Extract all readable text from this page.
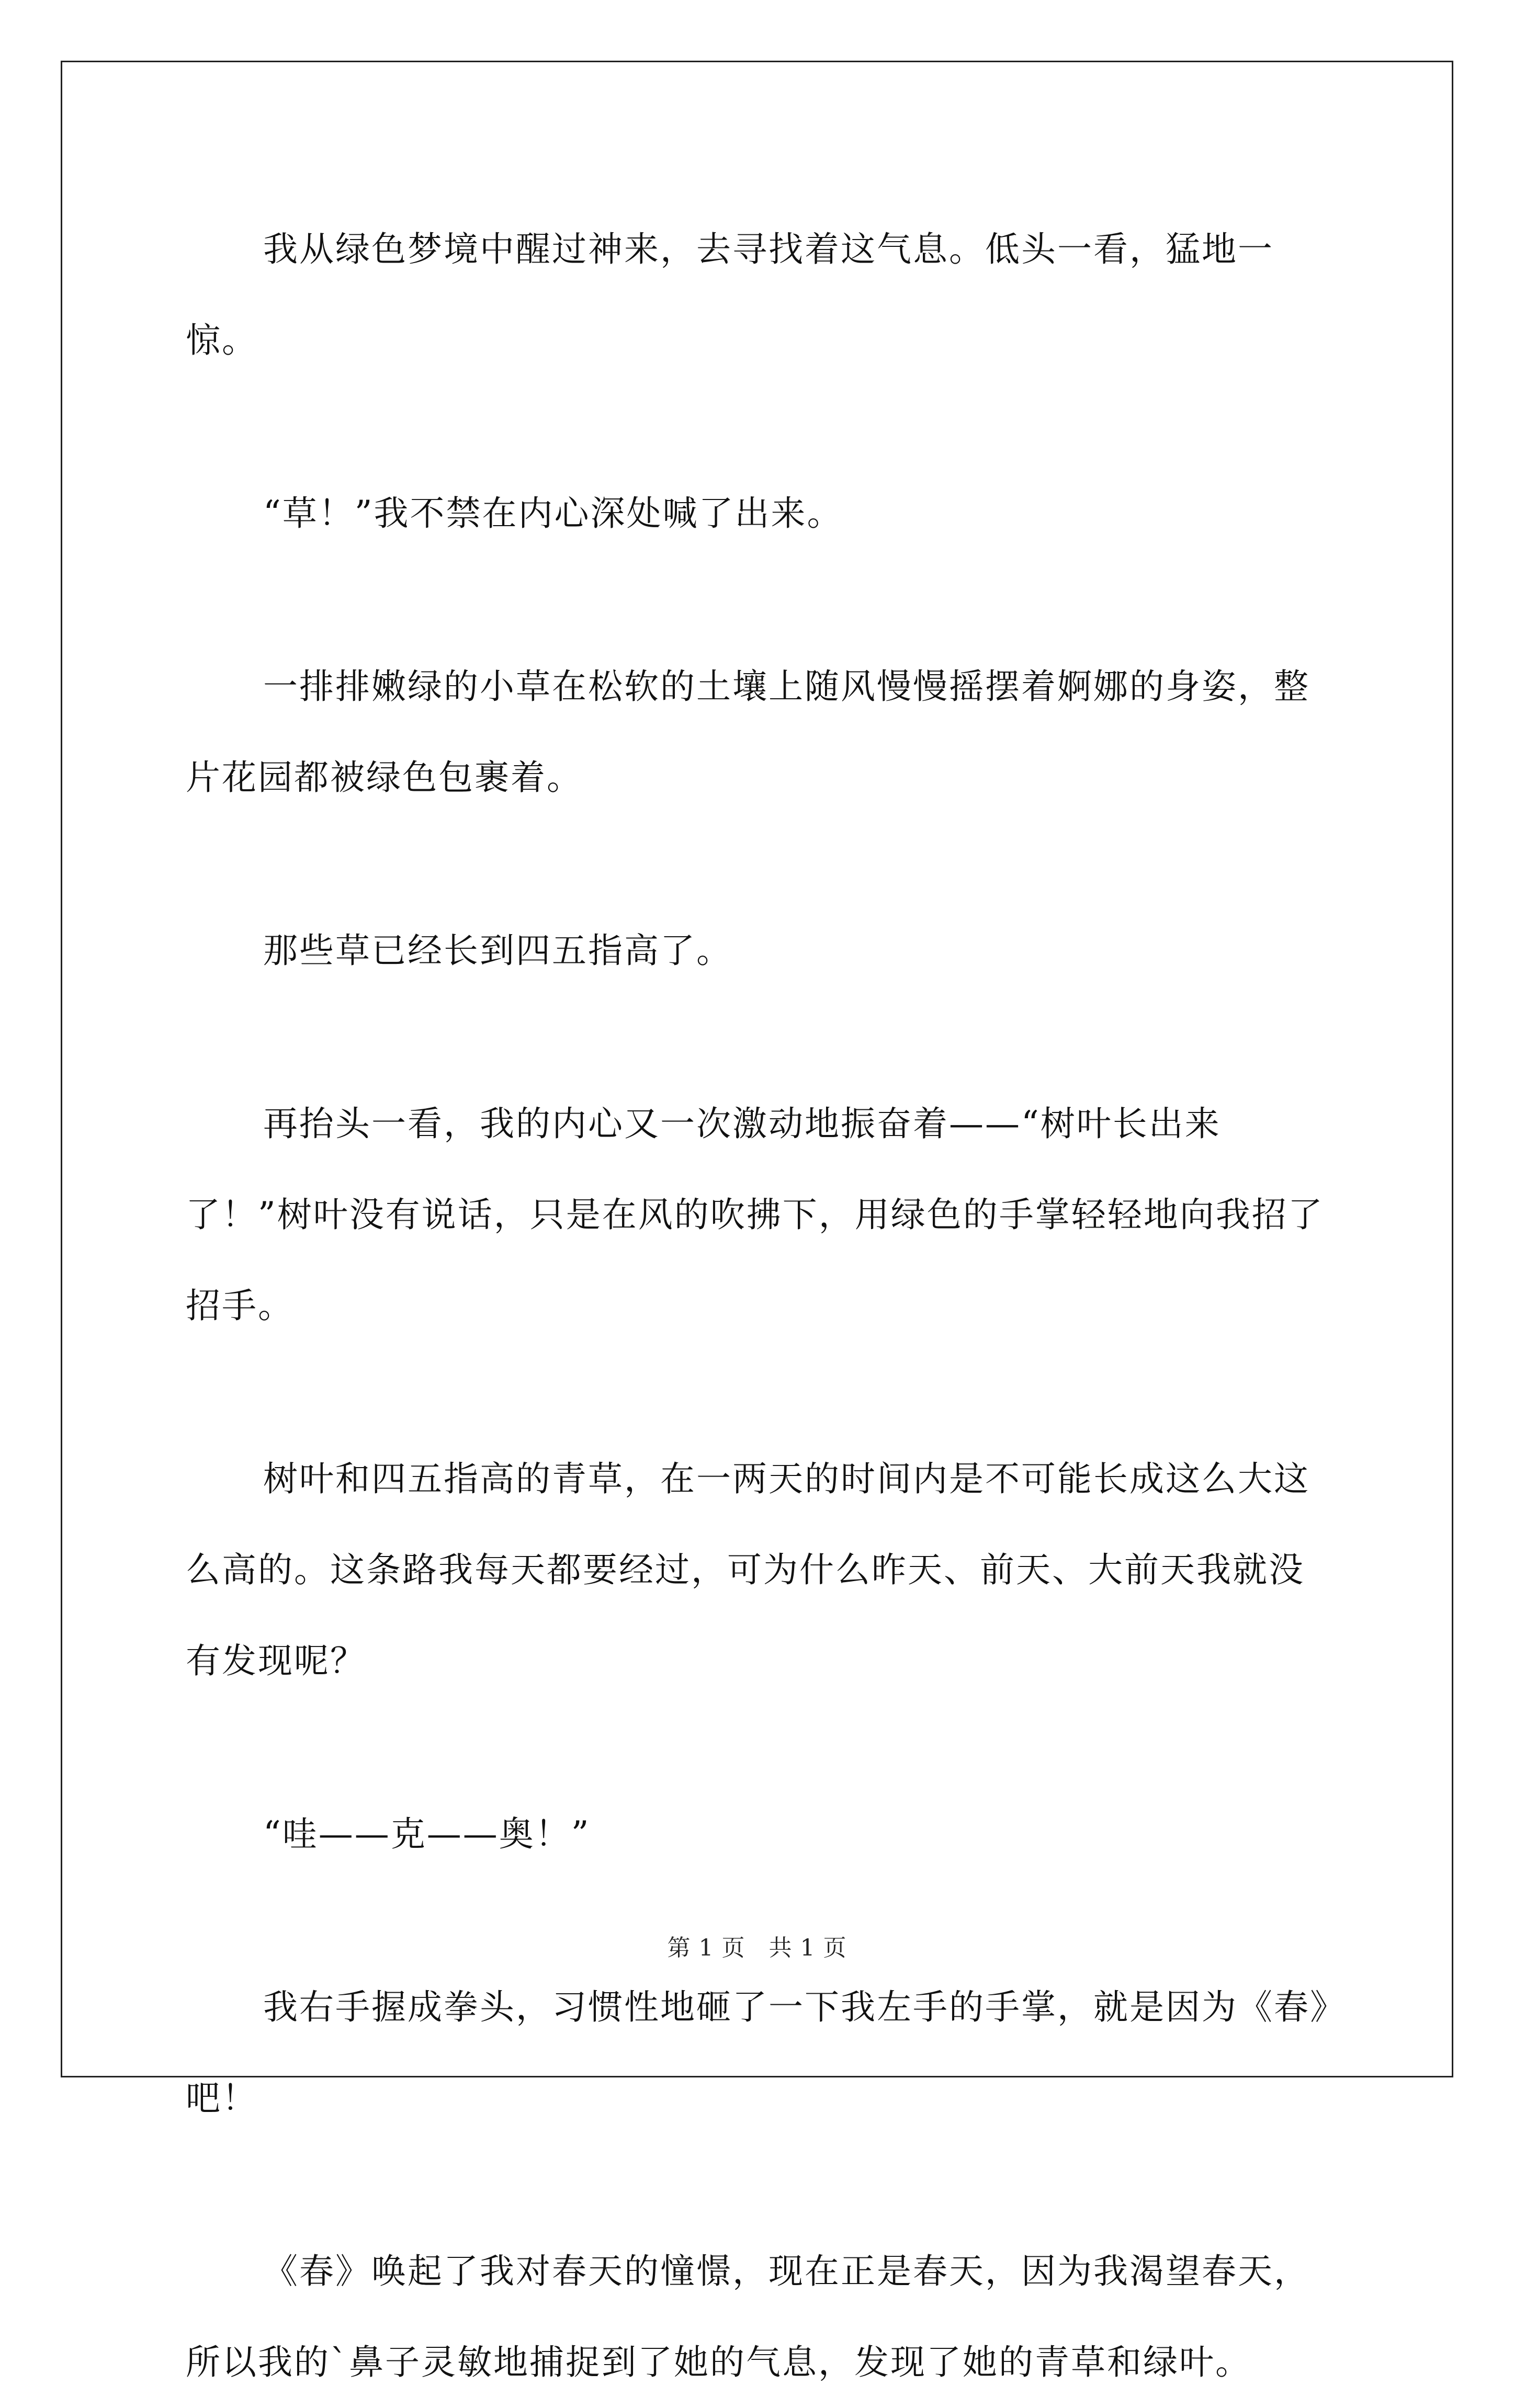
我从绿色梦境中醒过神来，去寻找着这气息。低头一看，猛地一惊。

“草！”我不禁在内心深处喊了出来。

一排排嫩绿的小草在松软的土壤上随风慢慢摇摆着婀娜的身姿，整片花园都被绿色包裹着。

那些草已经长到四五指高了。

再抬头一看，我的内心又一次激动地振奋着——“树叶长出来了！”树叶没有说话，只是在风的吹拂下，用绿色的手掌轻轻地向我招了招手。

树叶和四五指高的青草，在一两天的时间内是不可能长成这么大这么高的。这条路我每天都要经过，可为什么昨天、前天、大前天我就没有发现呢？

“哇——克——奥！”

我右手握成拳头，习惯性地砸了一下我左手的手掌，就是因为《春》吧！

《春》唤起了我对春天的憧憬，现在正是春天，因为我渴望春天，所以我的`鼻子灵敏地捕捉到了她的气息，发现了她的青草和绿叶。

第 1 页　共 1 页
